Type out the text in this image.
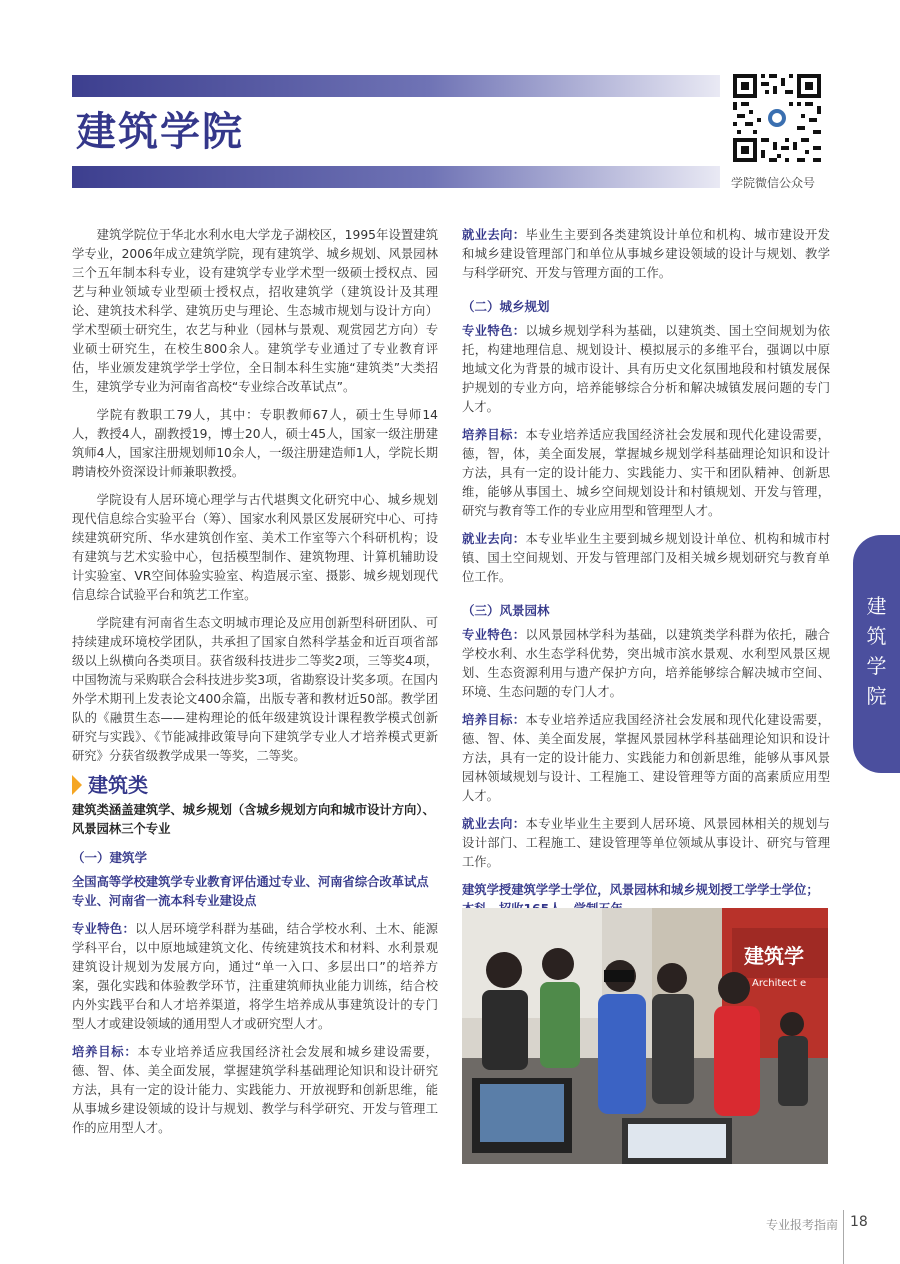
建筑学院
学院微信公众号

建筑学院位于华北水利水电大学龙子湖校区，1995年设置建筑学专业，2006年成立建筑学院，现有建筑学、城乡规划、风景园林三个五年制本科专业，设有建筑学专业学术型一级硕士授权点、园艺与种业领域专业型硕士授权点，招收建筑学（建筑设计及其理论、建筑技术科学、建筑历史与理论、生态城市规划与设计方向）学术型硕士研究生，农艺与种业（园林与景观、观赏园艺方向）专业硕士研究生，在校生800余人。建筑学专业通过了专业教育评估，毕业颁发建筑学学士学位，全日制本科生实施“建筑类”大类招生，建筑学专业为河南省高校“专业综合改革试点”。

学院有教职工79人，其中：专职教师67人，硕士生导师14人，教授4人，副教授19，博士20人，硕士45人，国家一级注册建筑师4人，国家注册规划师10余人，一级注册建造师1人，学院长期聘请校外资深设计师兼职教授。

学院设有人居环境心理学与古代堪舆文化研究中心、城乡规划现代信息综合实验平台（筹）、国家水利风景区发展研究中心、可持续建筑研究所、华水建筑创作室、美术工作室等六个科研机构；设有建筑与艺术实验中心，包括模型制作、建筑物理、计算机辅助设计实验室、VR空间体验实验室、构造展示室、摄影、城乡规划现代信息综合试验平台和筑艺工作室。

学院建有河南省生态文明城市理论及应用创新型科研团队、可持续建成环境校学团队，共承担了国家自然科学基金和近百项省部级以上纵横向各类项目。获省级科技进步二等奖2项，三等奖4项，中国物流与采购联合会科技进步奖3项，省勘察设计奖多项。在国内外学术期刊上发表论文400余篇，出版专著和教材近50部。教学团队的《融贯生态——建构理论的低年级建筑设计课程教学模式创新研究与实践》、《节能减排政策导向下建筑学专业人才培养模式更新研究》分获省级教学成果一等奖，二等奖。

建筑类

建筑类涵盖建筑学、城乡规划（含城乡规划方向和城市设计方向）、风景园林三个专业

（一）建筑学

全国高等学校建筑学专业教育评估通过专业、河南省综合改革试点专业、河南省一流本科专业建设点

专业特色：以人居环境学科群为基础，结合学校水利、土木、能源学科平台，以中原地域建筑文化、传统建筑技术和材料、水利景观建筑设计规划为发展方向，通过“单一入口、多层出口”的培养方案，强化实践和体验教学环节，注重建筑师执业能力训练，结合校内外实践平台和人才培养渠道，将学生培养成从事建筑设计的专门型人才或建设领域的通用型人才或研究型人才。

培养目标：本专业培养适应我国经济社会发展和城乡建设需要，德、智、体、美全面发展，掌握建筑学科基础理论知识和设计研究方法，具有一定的设计能力、实践能力、开放视野和创新思维，能从事城乡建设领域的设计与规划、教学与科学研究、开发与管理工作的应用型人才。

就业去向：毕业生主要到各类建筑设计单位和机构、城市建设开发和城乡建设管理部门和单位从事城乡建设领域的设计与规划、教学与科学研究、开发与管理方面的工作。

（二）城乡规划

专业特色：以城乡规划学科为基础，以建筑类、国土空间规划为依托，构建地理信息、规划设计、模拟展示的多维平台，强调以中原地域文化为背景的城市设计、具有历史文化氛围地段和村镇发展保护规划的专业方向，培养能够综合分析和解决城镇发展问题的专门人才。

培养目标：本专业培养适应我国经济社会发展和现代化建设需要，德，智，体，美全面发展，掌握城乡规划学科基础理论知识和设计方法，具有一定的设计能力、实践能力、实干和团队精神、创新思维，能够从事国土、城乡空间规划设计和村镇规划、开发与管理，研究与教育等工作的专业应用型和管理型人才。

就业去向：本专业毕业生主要到城乡规划设计单位、机构和城市村镇、国土空间规划、开发与管理部门及相关城乡规划研究与教育单位工作。

（三）风景园林

专业特色：以风景园林学科为基础，以建筑类学科群为依托，融合学校水利、水生态学科优势，突出城市滨水景观、水利型风景区规划、生态资源利用与遗产保护方向，培养能够综合解决城市空间、环境、生态问题的专门人才。

培养目标：本专业培养适应我国经济社会发展和现代化建设需要，德、智、体、美全面发展，掌握风景园林学科基础理论知识和设计方法，具有一定的设计能力、实践能力和创新思维，能够从事风景园林领域规划与设计、工程施工、建设管理等方面的高素质应用型人才。

就业去向：本专业毕业生主要到人居环境、风景园林相关的规划与设计部门、工程施工、建设管理等单位领域从事设计、研究与管理工作。

建筑学授建筑学学士学位，风景园林和城乡规划授工学学士学位；

建筑学
Architect e
建筑学院
专业报考指南 18
